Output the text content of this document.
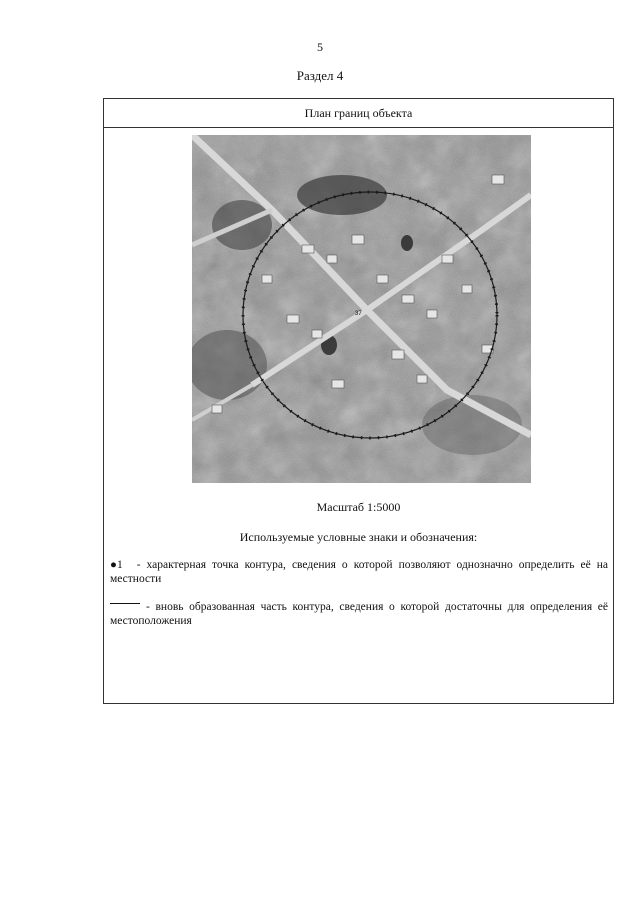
5
Раздел 4
План границ объекта
37
Масштаб 1:5000
Используемые условные знаки и обозначения:
●1 - характерная точка контура, сведения о которой позволяют однозначно определить её на местности
- вновь образованная часть контура, сведения о которой достаточны для определения её местоположения
